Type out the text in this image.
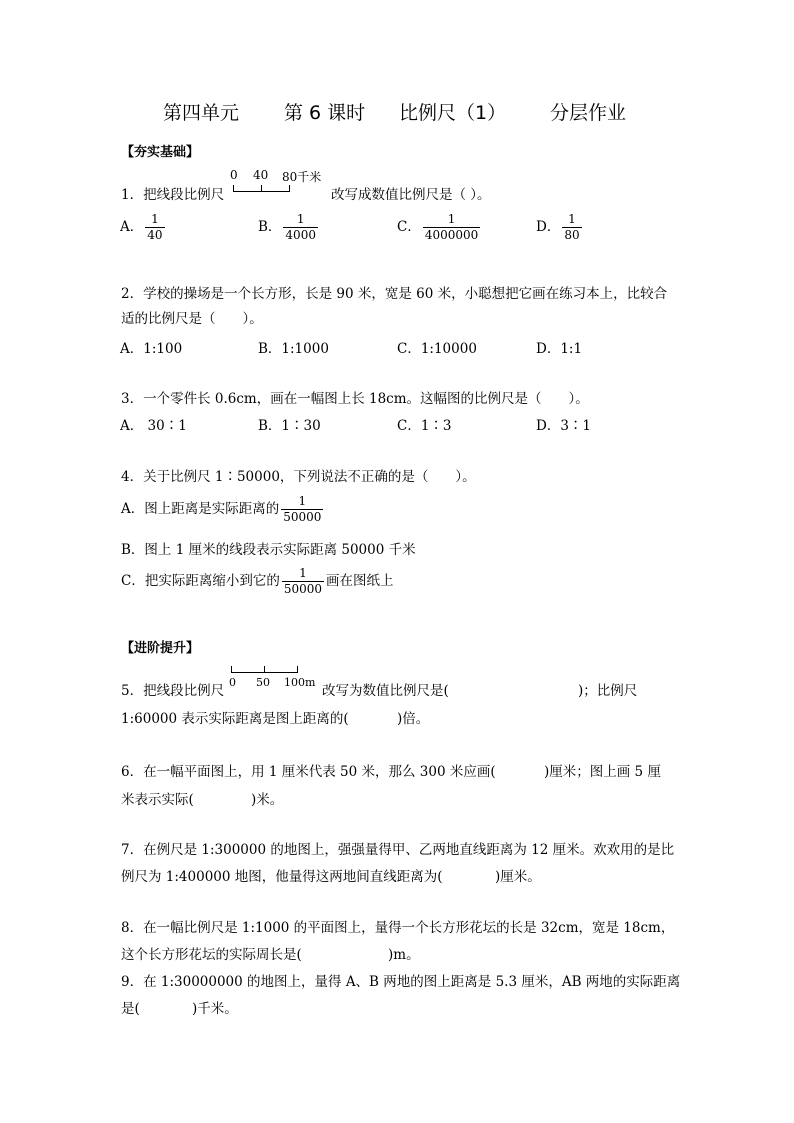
第四单元 第 6 课时 比例尺（1） 分层作业
【夯实基础】
1．把线段比例尺
0 40 80千米
改写成数值比例尺是（ ）。
A． $\frac{1}{40}$	B． $\frac{1}{4000}$	C． $\frac{1}{4000000}$	D． $\frac{1}{80}$
2．学校的操场是一个长方形，长是 90 米，宽是 60 米，小聪想把它画在练习本上，比较合
适的比例尺是（　　）。
A．1:100	B．1:1000	C．1:10000	D．1:1
3．一个零件长 0.6cm，画在一幅图上长 18cm。这幅图的比例尺是（　　）。
A． 30∶1	B．1∶30	C．1∶3	D．3∶1
4．关于比例尺 1∶50000，下列说法不正确的是（　　）。
A．图上距离是实际距离的 $\frac{1}{50000}$
B．图上 1 厘米的线段表示实际距离 50000 千米
C．把实际距离缩小到它的 $\frac{1}{50000}$ 画在图纸上
【进阶提升】
5．把线段比例尺
0 50 100m
改写为数值比例尺是(	)；比例尺
1:60000 表示实际距离是图上距离的(	)倍。
6．在一幅平面图上，用 1 厘米代表 50 米，那么 300 米应画(	)厘米；图上画 5 厘
米表示实际(	)米。
7．在例尺是 1:300000 的地图上，强强量得甲、乙两地直线距离为 12 厘米。欢欢用的是比
例尺为 1:400000 地图，他量得这两地间直线距离为(	)厘米。
8．在一幅比例尺是 1:1000 的平面图上，量得一个长方形花坛的长是 32cm，宽是 18cm，
这个长方形花坛的实际周长是(	)m。
9．在 1:30000000 的地图上，量得 A、B 两地的图上距离是 5.3 厘米，AB 两地的实际距离
是(	)千米。
